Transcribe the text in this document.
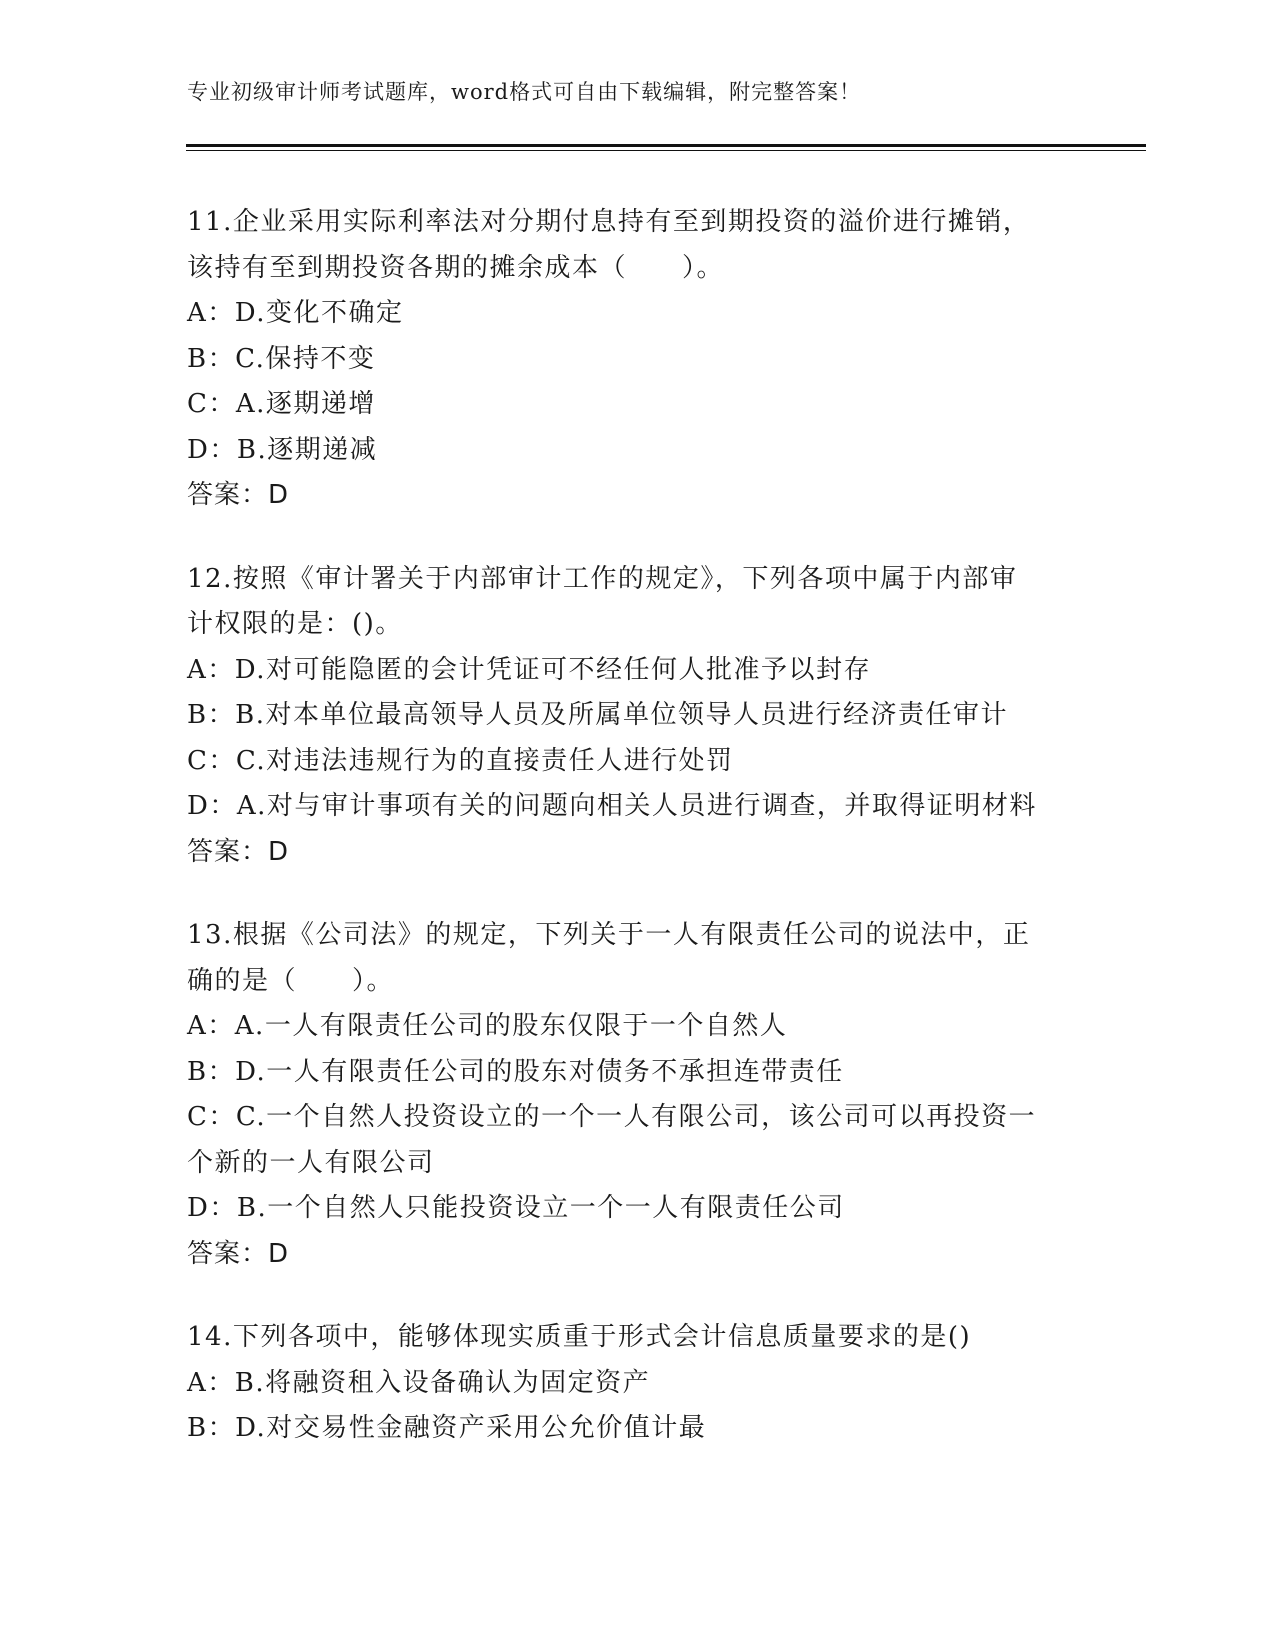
专业初级审计师考试题库，word格式可自由下载编辑，附完整答案！
11.企业采用实际利率法对分期付息持有至到期投资的溢价进行摊销，
该持有至到期投资各期的摊余成本（　　）。
A：D.变化不确定
B：C.保持不变
C：A.逐期递增
D：B.逐期递减
答案：D
12.按照《审计署关于内部审计工作的规定》，下列各项中属于内部审
计权限的是：()。
A：D.对可能隐匿的会计凭证可不经任何人批准予以封存
B：B.对本单位最高领导人员及所属单位领导人员进行经济责任审计
C：C.对违法违规行为的直接责任人进行处罚
D：A.对与审计事项有关的问题向相关人员进行调查，并取得证明材料
答案：D
13.根据《公司法》的规定，下列关于一人有限责任公司的说法中，正
确的是（　　）。
A：A.一人有限责任公司的股东仅限于一个自然人
B：D.一人有限责任公司的股东对债务不承担连带责任
C：C.一个自然人投资设立的一个一人有限公司，该公司可以再投资一
个新的一人有限公司
D：B.一个自然人只能投资设立一个一人有限责任公司
答案：D
14.下列各项中，能够体现实质重于形式会计信息质量要求的是()
A：B.将融资租入设备确认为固定资产
B：D.对交易性金融资产采用公允价值计最
